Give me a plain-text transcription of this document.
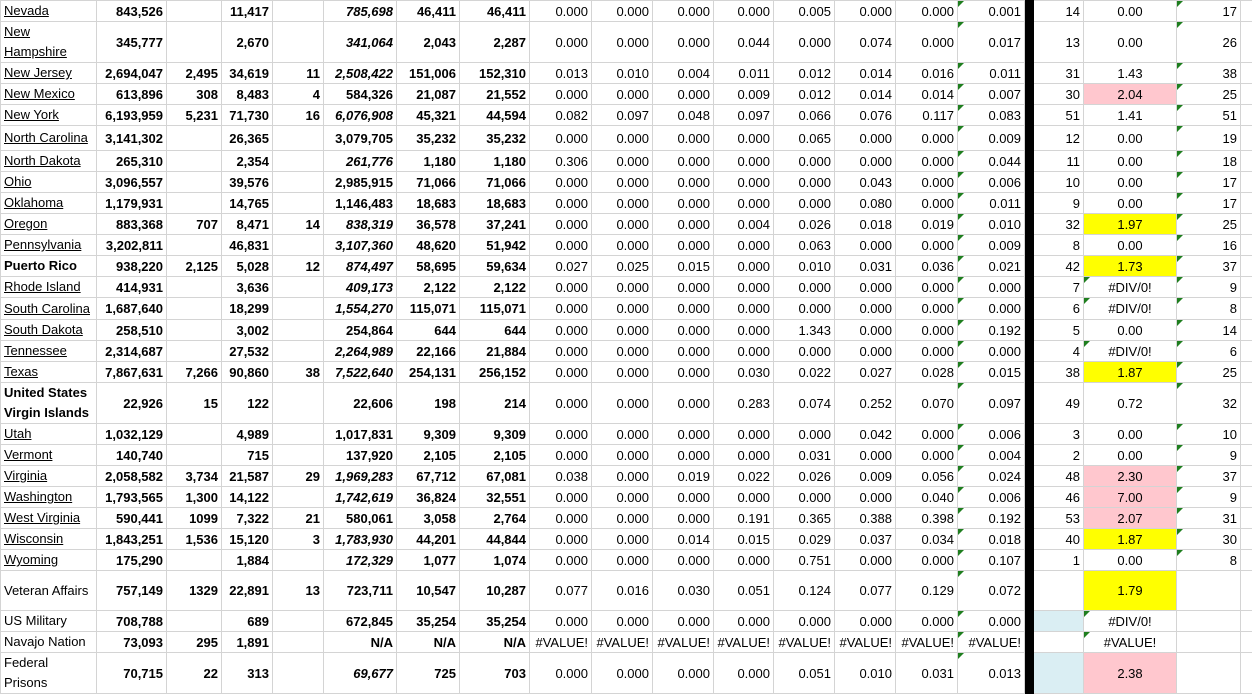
Nevada	843,526		11,417		785,698	46,411	46,411	0.000	0.000	0.000	0.000	0.005	0.000	0.000	0.001		14	0.00	17	
New Hampshire	345,777		2,670		341,064	2,043	2,287	0.000	0.000	0.000	0.044	0.000	0.074	0.000	0.017		13	0.00	26	
New Jersey	2,694,047	2,495	34,619	11	2,508,422	151,006	152,310	0.013	0.010	0.004	0.011	0.012	0.014	0.016	0.011		31	1.43	38	
New Mexico	613,896	308	8,483	4	584,326	21,087	21,552	0.000	0.000	0.000	0.009	0.012	0.014	0.014	0.007		30	2.04	25	
New York	6,193,959	5,231	71,730	16	6,076,908	45,321	44,594	0.082	0.097	0.048	0.097	0.066	0.076	0.117	0.083		51	1.41	51	
North Carolina	3,141,302		26,365		3,079,705	35,232	35,232	0.000	0.000	0.000	0.000	0.065	0.000	0.000	0.009		12	0.00	19	
North Dakota	265,310		2,354		261,776	1,180	1,180	0.306	0.000	0.000	0.000	0.000	0.000	0.000	0.044		11	0.00	18	
Ohio	3,096,557		39,576		2,985,915	71,066	71,066	0.000	0.000	0.000	0.000	0.000	0.043	0.000	0.006		10	0.00	17	
Oklahoma	1,179,931		14,765		1,146,483	18,683	18,683	0.000	0.000	0.000	0.000	0.000	0.080	0.000	0.011		9	0.00	17	
Oregon	883,368	707	8,471	14	838,319	36,578	37,241	0.000	0.000	0.000	0.004	0.026	0.018	0.019	0.010		32	1.97	25	
Pennsylvania	3,202,811		46,831		3,107,360	48,620	51,942	0.000	0.000	0.000	0.000	0.063	0.000	0.000	0.009		8	0.00	16	
Puerto Rico	938,220	2,125	5,028	12	874,497	58,695	59,634	0.027	0.025	0.015	0.000	0.010	0.031	0.036	0.021		42	1.73	37	
Rhode Island	414,931		3,636		409,173	2,122	2,122	0.000	0.000	0.000	0.000	0.000	0.000	0.000	0.000		7	#DIV/0!	9	
South Carolina	1,687,640		18,299		1,554,270	115,071	115,071	0.000	0.000	0.000	0.000	0.000	0.000	0.000	0.000		6	#DIV/0!	8	
South Dakota	258,510		3,002		254,864	644	644	0.000	0.000	0.000	0.000	1.343	0.000	0.000	0.192		5	0.00	14	
Tennessee	2,314,687		27,532		2,264,989	22,166	21,884	0.000	0.000	0.000	0.000	0.000	0.000	0.000	0.000		4	#DIV/0!	6	
Texas	7,867,631	7,266	90,860	38	7,522,640	254,131	256,152	0.000	0.000	0.000	0.030	0.022	0.027	0.028	0.015		38	1.87	25	
United States Virgin Islands	22,926	15	122		22,606	198	214	0.000	0.000	0.000	0.283	0.074	0.252	0.070	0.097		49	0.72	32	
Utah	1,032,129		4,989		1,017,831	9,309	9,309	0.000	0.000	0.000	0.000	0.000	0.042	0.000	0.006		3	0.00	10	
Vermont	140,740		715		137,920	2,105	2,105	0.000	0.000	0.000	0.000	0.031	0.000	0.000	0.004		2	0.00	9	
Virginia	2,058,582	3,734	21,587	29	1,969,283	67,712	67,081	0.038	0.000	0.019	0.022	0.026	0.009	0.056	0.024		48	2.30	37	
Washington	1,793,565	1,300	14,122		1,742,619	36,824	32,551	0.000	0.000	0.000	0.000	0.000	0.000	0.040	0.006		46	7.00	9	
West Virginia	590,441	1099	7,322	21	580,061	3,058	2,764	0.000	0.000	0.000	0.191	0.365	0.388	0.398	0.192		53	2.07	31	
Wisconsin	1,843,251	1,536	15,120	3	1,783,930	44,201	44,844	0.000	0.000	0.014	0.015	0.029	0.037	0.034	0.018		40	1.87	30	
Wyoming	175,290		1,884		172,329	1,077	1,074	0.000	0.000	0.000	0.000	0.751	0.000	0.000	0.107		1	0.00	8	
Veteran Affairs	757,149	1329	22,891	13	723,711	10,547	10,287	0.077	0.016	0.030	0.051	0.124	0.077	0.129	0.072			1.79		
US Military	708,788		689		672,845	35,254	35,254	0.000	0.000	0.000	0.000	0.000	0.000	0.000	0.000			#DIV/0!		
Navajo Nation	73,093	295	1,891		N/A	N/A	N/A	#VALUE!	#VALUE!	#VALUE!	#VALUE!	#VALUE!	#VALUE!	#VALUE!	#VALUE!			#VALUE!		
Federal Prisons	70,715	22	313		69,677	725	703	0.000	0.000	0.000	0.000	0.051	0.010	0.031	0.013			2.38		
